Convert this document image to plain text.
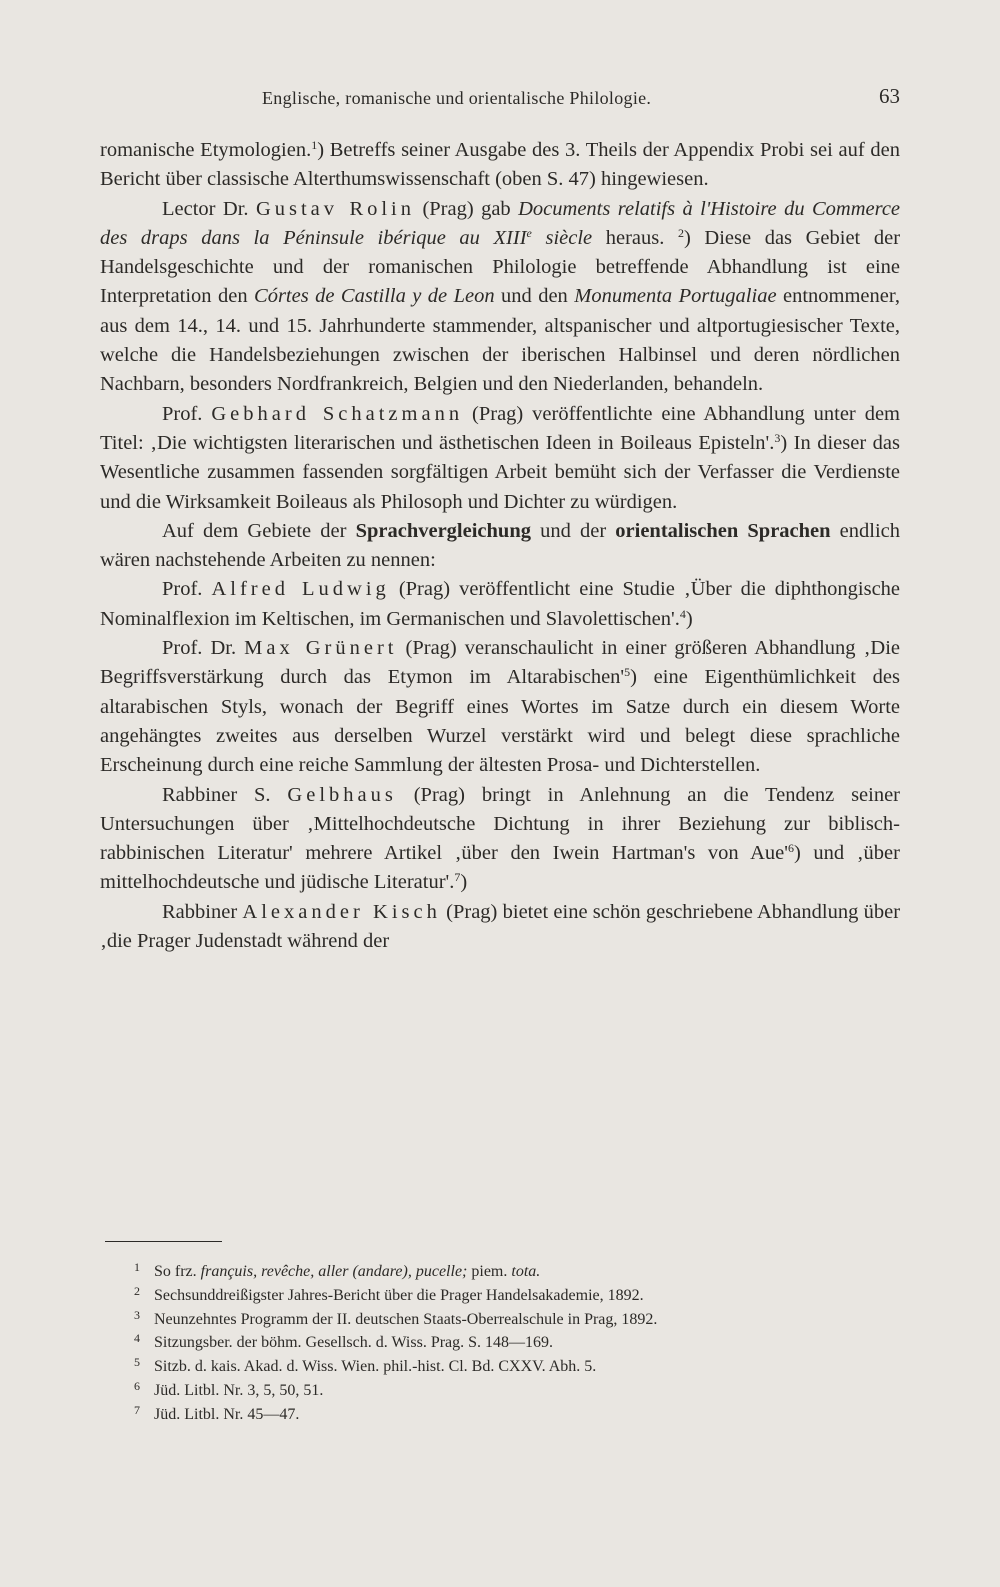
Englische, romanische und orientalische Philologie.	63

romanische Etymologien.$^1$) Betreffs seiner Ausgabe des 3. Theils der Appendix Probi sei auf den Bericht über classische Alterthumswissenschaft (oben S. 47) hingewiesen.

Lector Dr. Gustav Rolin (Prag) gab Documents relatifs à l'Histoire du Commerce des draps dans la Péninsule ibérique au XIIIe siècle heraus. $^2$) Diese das Gebiet der Handelsgeschichte und der romanischen Philologie betreffende Abhandlung ist eine Interpretation den Córtes de Castilla y de Leon und den Monumenta Portugaliae entnommener, aus dem 14., 14. und 15. Jahrhunderte stammender, altspanischer und altportugiesischer Texte, welche die Handelsbeziehungen zwischen der iberischen Halbinsel und deren nördlichen Nachbarn, besonders Nordfrankreich, Belgien und den Niederlanden, behandeln.

Prof. Gebhard Schatzmann (Prag) veröffentlichte eine Abhandlung unter dem Titel: ‚Die wichtigsten literarischen und ästhetischen Ideen in Boileaus Episteln'.$^3$) In dieser das Wesentliche zusammen fassenden sorgfältigen Arbeit bemüht sich der Verfasser die Verdienste und die Wirksamkeit Boileaus als Philosoph und Dichter zu würdigen.

Auf dem Gebiete der Sprachvergleichung und der orientalischen Sprachen endlich wären nachstehende Arbeiten zu nennen:

Prof. Alfred Ludwig (Prag) veröffentlicht eine Studie ‚Über die diphthongische Nominalflexion im Keltischen, im Germanischen und Slavolettischen'.$^4$)

Prof. Dr. Max Grünert (Prag) veranschaulicht in einer größeren Abhandlung ‚Die Begriffsverstärkung durch das Etymon im $Altarabischen'^5$) eine Eigenthümlichkeit des altarabischen Styls, wonach der Begriff eines Wortes im Satze durch ein diesem Worte angehängtes zweites aus derselben Wurzel verstärkt wird und belegt diese sprachliche Erscheinung durch eine reiche Sammlung der ältesten Prosa- und Dichterstellen.

Rabbiner S. Gelbhaus (Prag) bringt in Anlehnung an die Tendenz seiner Untersuchungen über ‚Mittelhochdeutsche Dichtung in ihrer Beziehung zur biblisch-rabbinischen Literatur' mehrere Artikel ‚über den Iwein Hartman's von $Aue'^6$) und ‚über mittelhochdeutsche und jüdische Literatur'.$^7$)

Rabbiner Alexander Kisch (Prag) bietet eine schön geschriebene Abhandlung über ‚die Prager Judenstadt während der

1 So frz. françuis, revêche, aller (andare), pucelle; piem. tota.
2 Sechsunddreißigster Jahres-Bericht über die Prager Handelsakademie, 1892.
3 Neunzehntes Programm der II. deutschen Staats-Oberrealschule in Prag, 1892.
4 Sitzungsber. der böhm. Gesellsch. d. Wiss. Prag. S. 148—169.
5 Sitzb. d. kais. Akad. d. Wiss. Wien. phil.-hist. Cl. Bd. CXXV. Abh. 5.
6 Jüd. Litbl. Nr. 3, 5, 50, 51.
7 Jüd. Litbl. Nr. 45—47.
